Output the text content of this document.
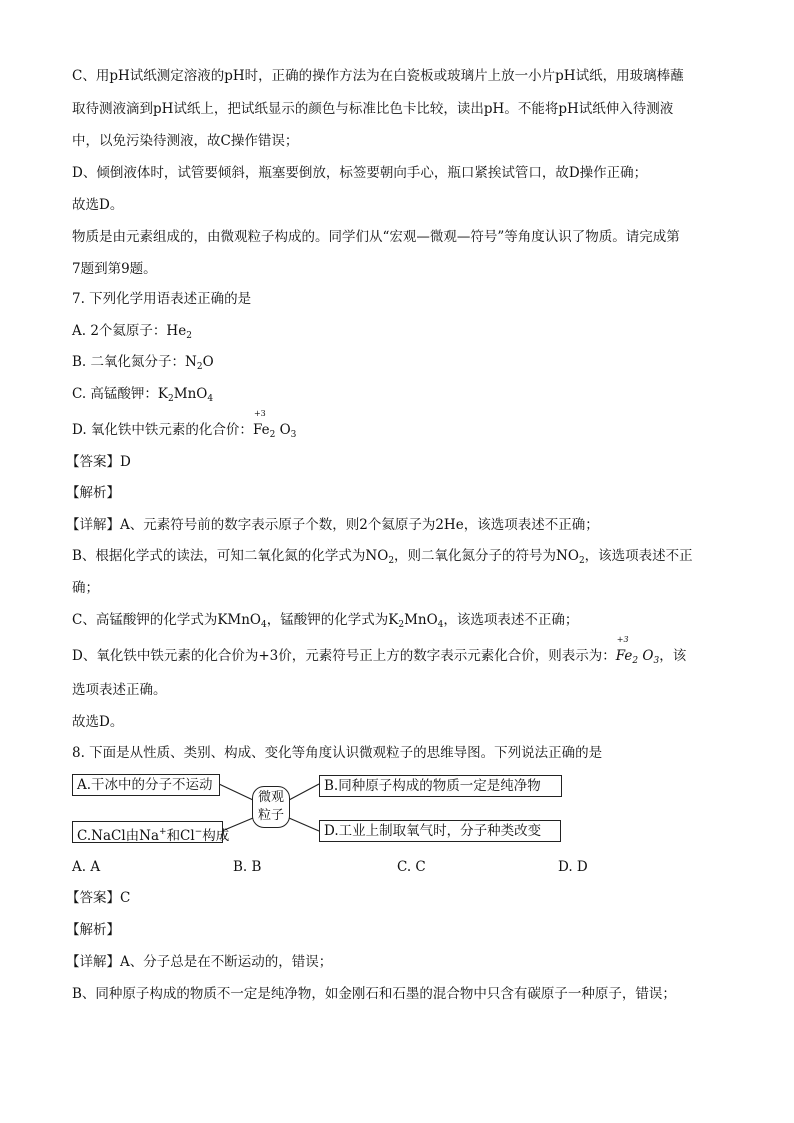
C、用pH试纸测定溶液的pH时，正确的操作方法为在白瓷板或玻璃片上放一小片pH试纸，用玻璃棒蘸
取待测液滴到pH试纸上，把试纸显示的颜色与标准比色卡比较，读出pH。不能将pH试纸伸入待测液
中，以免污染待测液，故C操作错误；
D、倾倒液体时，试管要倾斜，瓶塞要倒放，标签要朝向手心，瓶口紧挨试管口，故D操作正确；
故选D。
物质是由元素组成的，由微观粒子构成的。同学们从“宏观—微观—符号”等角度认识了物质。请完成第
7题到第9题。
7. 下列化学用语表述正确的是
A. 2个氦原子：$He_2$
B. 二氧化氮分子：$N_2O$
C. 高锰酸钾：$K_2MnO_4$
D. 氧化铁中铁元素的化合价：
+3
$Fe_2$ $O_3$
【答案】D
【解析】
【详解】A、元素符号前的数字表示原子个数，则2个氦原子为2He，该选项表述不正确；
B、根据化学式的读法，可知二氧化氮的化学式为$NO_2$，则二氧化氮分子的符号为$NO_2$，该选项表述不正
确；
C、高锰酸钾的化学式为KMnO$_4$，锰酸钾的化学式为$K_2MnO_4$，该选项表述不正确；
D、氧化铁中铁元素的化合价为+3价，元素符号正上方的数字表示元素化合价，则表示为：
+3
$Fe_2$ $O_3$，该
选项表述正确。
故选D。
8. 下面是从性质、类别、构成、变化等角度认识微观粒子的思维导图。下列说法正确的是
A.干冰中的分子不运动	B.同种原子构成的物质一定是纯净物
C.NaCl由Na+和Cl−构成	D.工业上制取氧气时，分子种类改变
微观
粒子
A. A	B. B	C. C	D. D
【答案】C
【解析】
【详解】A、分子总是在不断运动的，错误；
B、同种原子构成的物质不一定是纯净物，如金刚石和石墨的混合物中只含有碳原子一种原子，错误；
